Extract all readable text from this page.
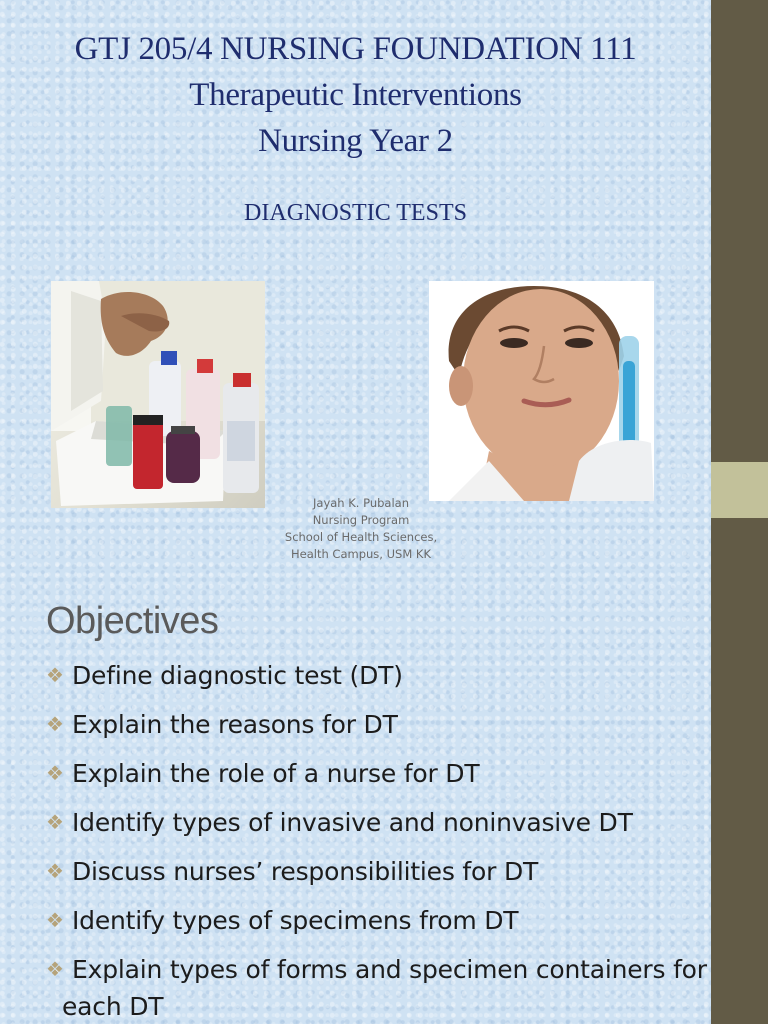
GTJ 205/4 NURSING FOUNDATION 111
Therapeutic Interventions
Nursing Year 2
DIAGNOSTIC TESTS
Jayah K. Pubalan
Nursing Program
School of Health Sciences,
Health Campus, USM KK
Objectives
❖ Define diagnostic test (DT)
❖ Explain the reasons for DT
❖ Explain the role of a nurse for DT
❖ Identify types of invasive and noninvasive DT
❖ Discuss nurses’ responsibilities for DT
❖ Identify types of specimens from DT
❖ Explain types of forms and specimen containers for each DT
